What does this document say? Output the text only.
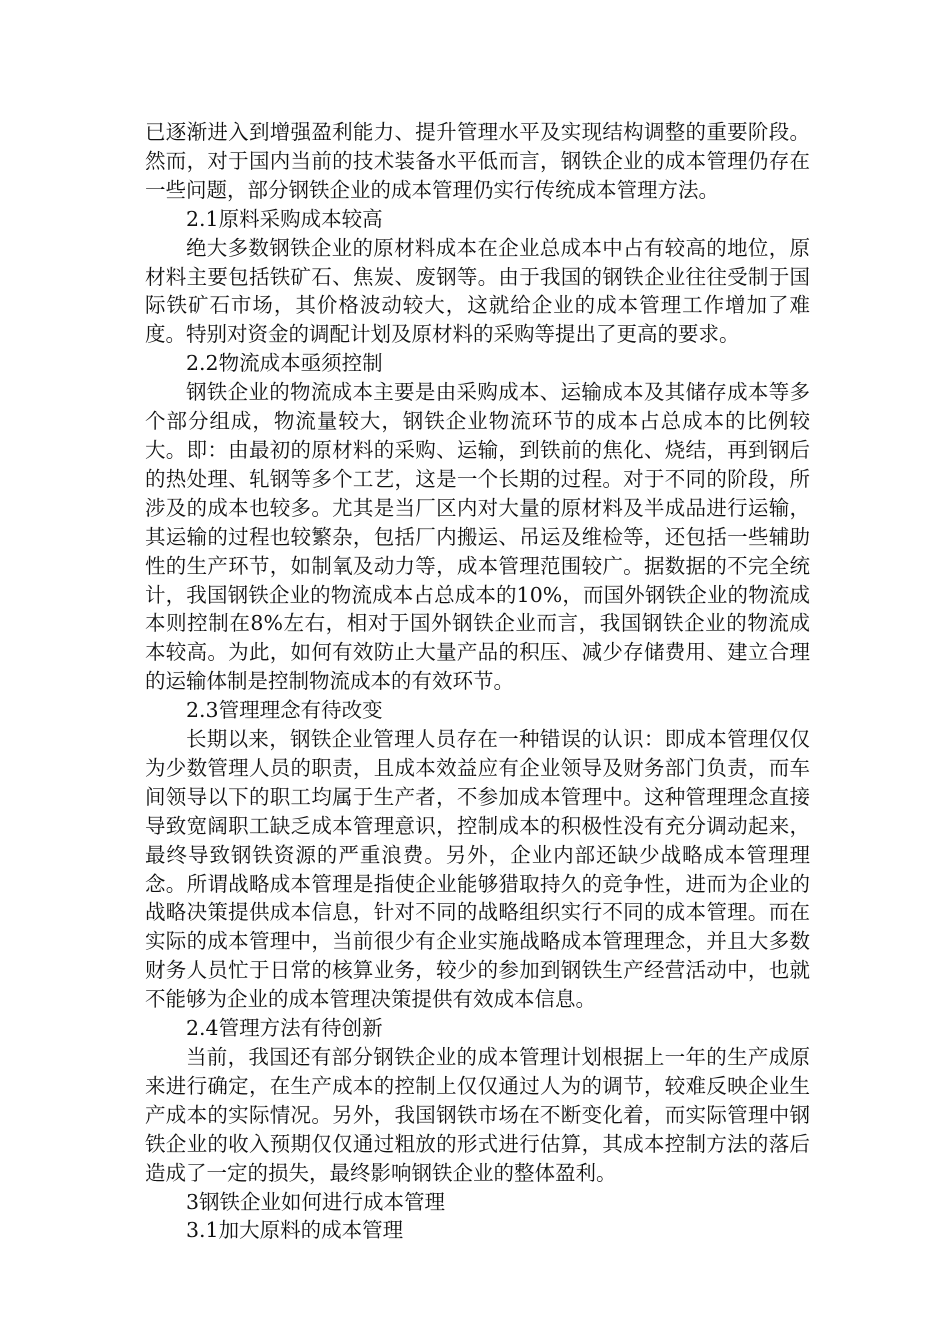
已逐渐进入到增强盈利能力、提升管理水平及实现结构调整的重要阶段。然而，对于国内当前的技术装备水平低而言，钢铁企业的成本管理仍存在一些问题，部分钢铁企业的成本管理仍实行传统成本管理方法。

2.1原料采购成本较高

绝大多数钢铁企业的原材料成本在企业总成本中占有较高的地位，原材料主要包括铁矿石、焦炭、废钢等。由于我国的钢铁企业往往受制于国际铁矿石市场，其价格波动较大，这就给企业的成本管理工作增加了难度。特别对资金的调配计划及原材料的采购等提出了更高的要求。

2.2物流成本亟须控制

钢铁企业的物流成本主要是由采购成本、运输成本及其储存成本等多个部分组成，物流量较大，钢铁企业物流环节的成本占总成本的比例较大。即：由最初的原材料的采购、运输，到铁前的焦化、烧结，再到钢后的热处理、轧钢等多个工艺，这是一个长期的过程。对于不同的阶段，所涉及的成本也较多。尤其是当厂区内对大量的原材料及半成品进行运输，其运输的过程也较繁杂，包括厂内搬运、吊运及维检等，还包括一些辅助性的生产环节，如制氧及动力等，成本管理范围较广。据数据的不完全统计，我国钢铁企业的物流成本占总成本的10%，而国外钢铁企业的物流成本则控制在8%左右，相对于国外钢铁企业而言，我国钢铁企业的物流成本较高。为此，如何有效防止大量产品的积压、减少存储费用、建立合理的运输体制是控制物流成本的有效环节。

2.3管理理念有待改变

长期以来，钢铁企业管理人员存在一种错误的认识：即成本管理仅仅为少数管理人员的职责，且成本效益应有企业领导及财务部门负责，而车间领导以下的职工均属于生产者，不参加成本管理中。这种管理理念直接导致宽阔职工缺乏成本管理意识，控制成本的积极性没有充分调动起来，最终导致钢铁资源的严重浪费。另外，企业内部还缺少战略成本管理理念。所谓战略成本管理是指使企业能够猎取持久的竞争性，进而为企业的战略决策提供成本信息，针对不同的战略组织实行不同的成本管理。而在实际的成本管理中，当前很少有企业实施战略成本管理理念，并且大多数财务人员忙于日常的核算业务，较少的参加到钢铁生产经营活动中，也就不能够为企业的成本管理决策提供有效成本信息。

2.4管理方法有待创新

当前，我国还有部分钢铁企业的成本管理计划根据上一年的生产成原来进行确定，在生产成本的控制上仅仅通过人为的调节，较难反映企业生产成本的实际情况。另外，我国钢铁市场在不断变化着，而实际管理中钢铁企业的收入预期仅仅通过粗放的形式进行估算，其成本控制方法的落后造成了一定的损失，最终影响钢铁企业的整体盈利。

3钢铁企业如何进行成本管理

3.1加大原料的成本管理
